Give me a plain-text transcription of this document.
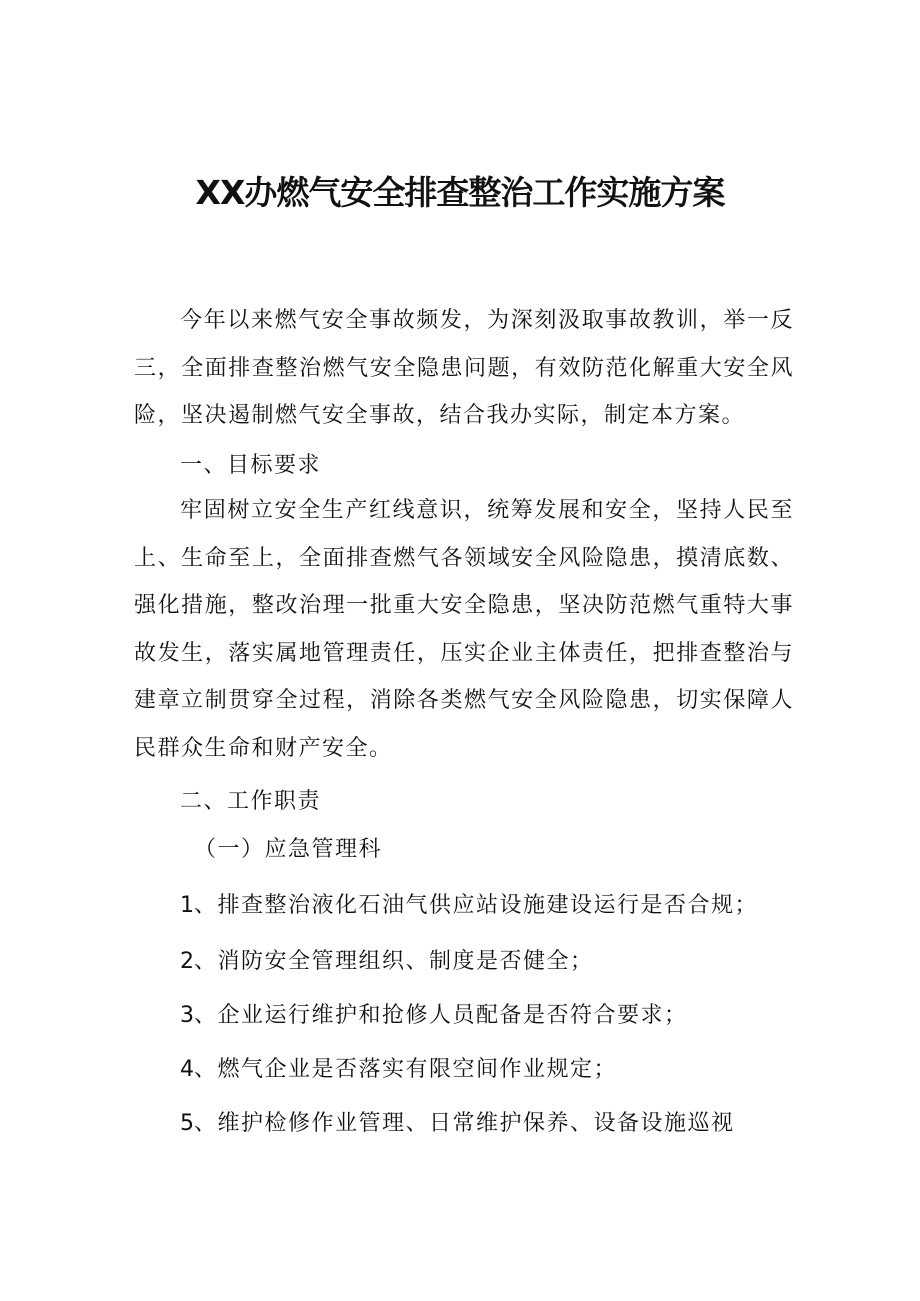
XX办燃气安全排查整治工作实施方案
今年以来燃气安全事故频发，为深刻汲取事故教训，举一反三，全面排查整治燃气安全隐患问题，有效防范化解重大安全风险，坚决遏制燃气安全事故，结合我办实际，制定本方案。
一、目标要求
牢固树立安全生产红线意识，统筹发展和安全，坚持人民至上、生命至上，全面排查燃气各领域安全风险隐患，摸清底数、强化措施，整改治理一批重大安全隐患，坚决防范燃气重特大事故发生，落实属地管理责任，压实企业主体责任，把排查整治与建章立制贯穿全过程，消除各类燃气安全风险隐患，切实保障人民群众生命和财产安全。
二、工作职责
（一）应急管理科
1、排查整治液化石油气供应站设施建设运行是否合规；
2、消防安全管理组织、制度是否健全；
3、企业运行维护和抢修人员配备是否符合要求；
4、燃气企业是否落实有限空间作业规定；
5、维护检修作业管理、日常维护保养、设备设施巡视
